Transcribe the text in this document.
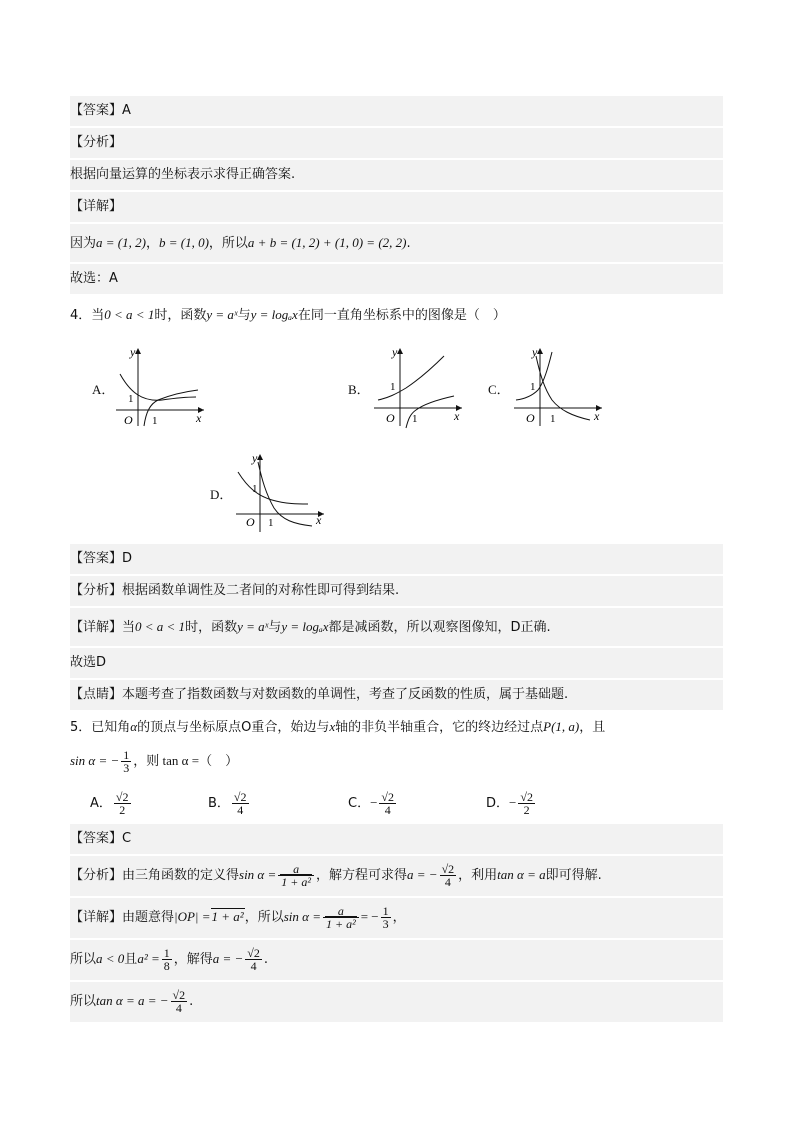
【答案】A
【分析】
根据向量运算的坐标表示求得正确答案.
【详解】
因为a = (1, 2)，b = (1, 0)，所以a + b = (1, 2) + (1, 0) = (2, 2).
故选：A
4．当0 < a < 1时，函数y = aˣ与y = logₐx在同一直角坐标系中的图像是（　）
A．	B．	C．
D．
y
x
O
1
1
y
x
O
1
1
y
x
O
1
1
y
x
O
1
1
【答案】D
【分析】根据函数单调性及二者间的对称性即可得到结果.
【详解】当0 < a < 1时，函数y = aˣ与y = logₐx都是减函数，所以观察图像知，D正确.
故选D
【点睛】本题考查了指数函数与对数函数的单调性，考查了反函数的性质，属于基础题.
5．已知角α的顶点与坐标原点O重合，始边与x轴的非负半轴重合，它的终边经过点P(1, a)，且
sin α = − $\frac{1}{3}$ ，则 tan α =（　）
A． $\frac{√2}{2}$	B． $\frac{√2}{4}$	C．− $\frac{√2}{4}$	D．− $\frac{√2}{2}$
【答案】C
【分析】由三角函数的定义得$\sin \alpha = \frac{a}{\text{1 + a²}}$ ，解方程可求得a = − $\frac{√2}{4}$ ，利用tan α = a即可得解.
【详解】由题意得|OP| =1 + a²，所以$\sin \alpha = \frac{a}{\text{1 + a²}}$ = − $\frac{1}{3}$ ，
所以a < 0且$a^2 = \frac{1}{8}$ ，解得a = − $\frac{√2}{4}$ .
所以tan α = a = − $\frac{√2}{4}$ .
